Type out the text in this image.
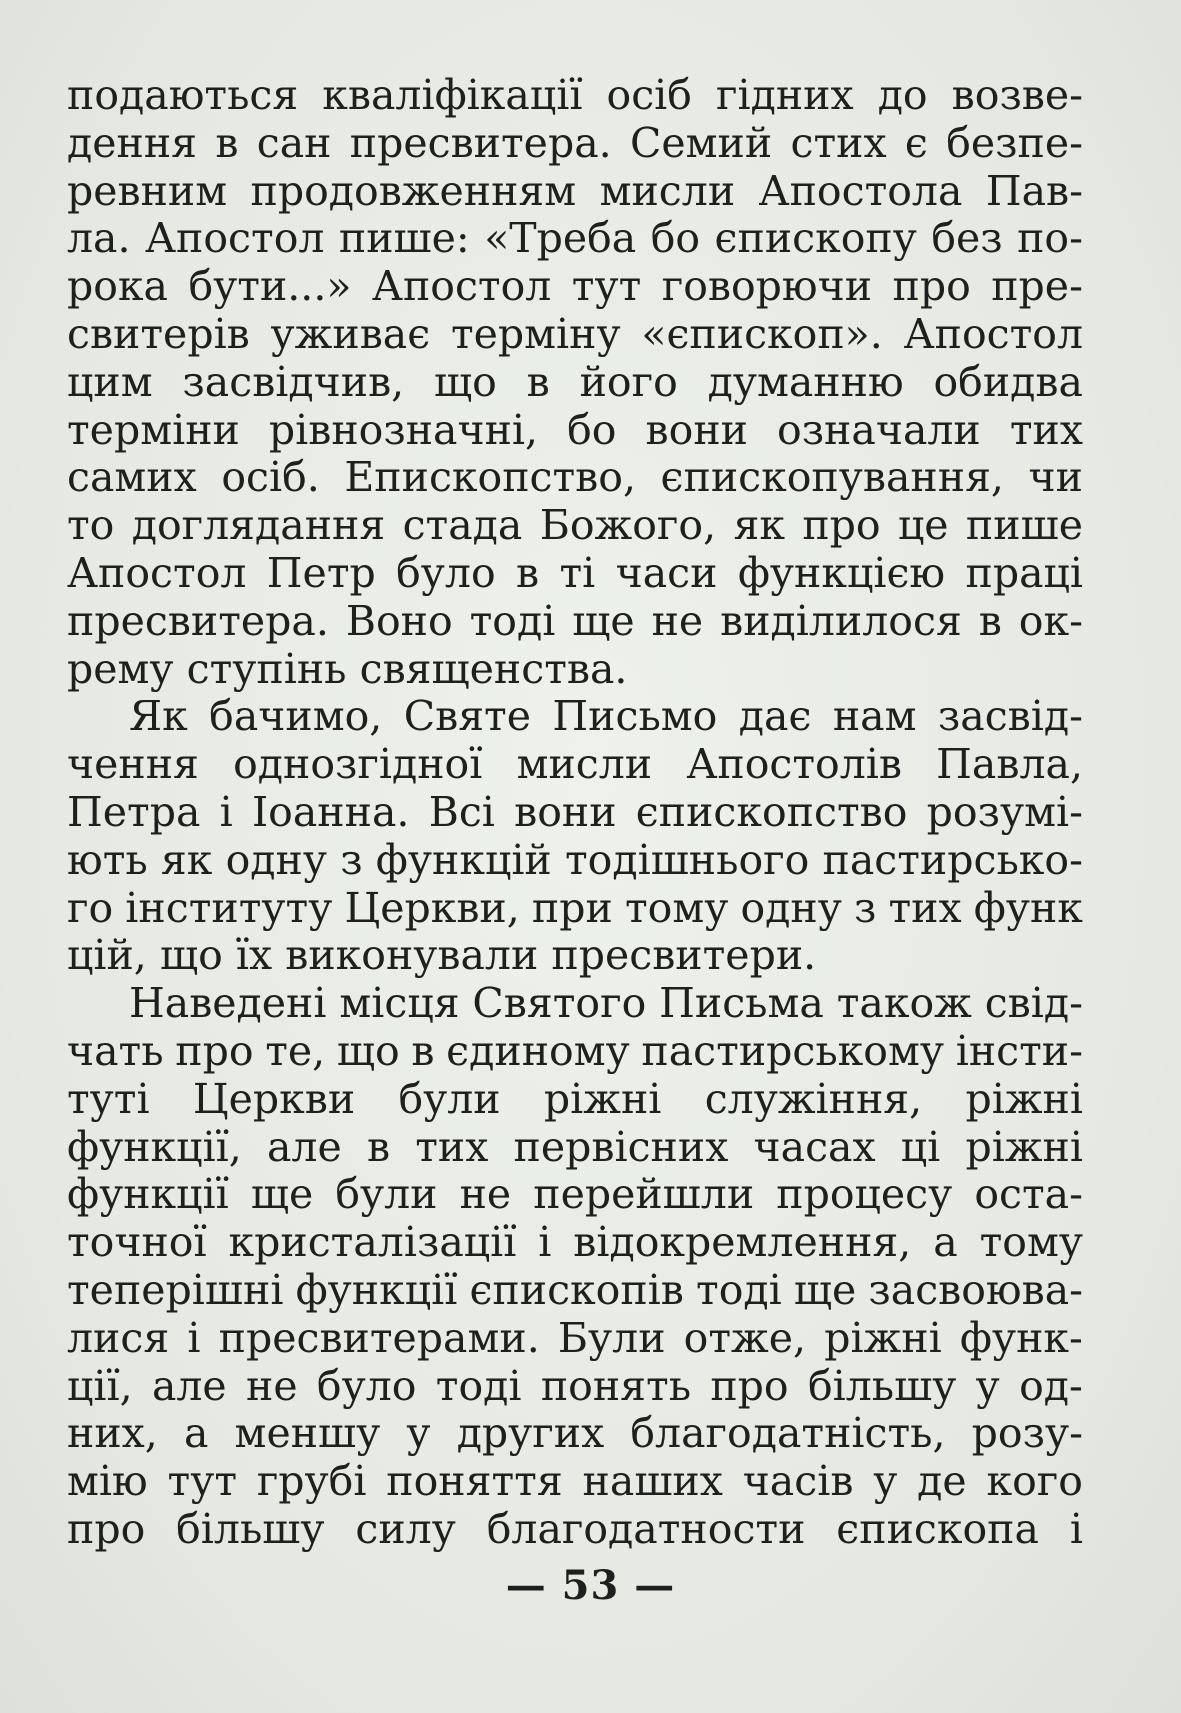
подаються кваліфікації осіб гідних до возве-
дення в сан пресвитера. Семий стих є безпе-
ревним продовженням мисли Апостола Пав-
ла. Апостол пише: «Треба бо єпископу без по-
рока бути...» Апостол тут говорючи про пре-
свитерів уживає терміну «єпископ». Апостол
цим засвідчив, що в його думанню обидва
терміни рівнозначні, бо вони означали тих
самих осіб. Епископство, єпископування, чи
то доглядання стада Божого, як про це пише
Апостол Петр було в ті часи функцією праці
пресвитера. Воно тоді ще не виділилося в ок-
рему ступінь священства.
Як бачимо, Святе Письмо дає нам засвід-
чення однозгідної мисли Апостолів Павла,
Петра і Іоанна. Всі вони єпископство розумі-
ють як одну з функцій тодішнього пастирсько-
го інституту Церкви, при тому одну з тих функ
цій, що їх виконували пресвитери.
Наведені місця Святого Письма також свід-
чать про те, що в єдиному пастирському інсти-
туті Церкви були ріжні служіння, ріжні
функції, але в тих первісних часах ці ріжні
функції ще були не перейшли процесу оста-
точної кристалізації і відокремлення, а тому
теперішні функції єпископів тоді ще засвоюва-
лися і пресвитерами. Були отже, ріжні функ-
ції, але не було тоді понять про більшу у од-
них, а меншу у других благодатність, розу-
мію тут грубі поняття наших часів у де кого
про більшу силу благодатности єпископа і
— 53 —
